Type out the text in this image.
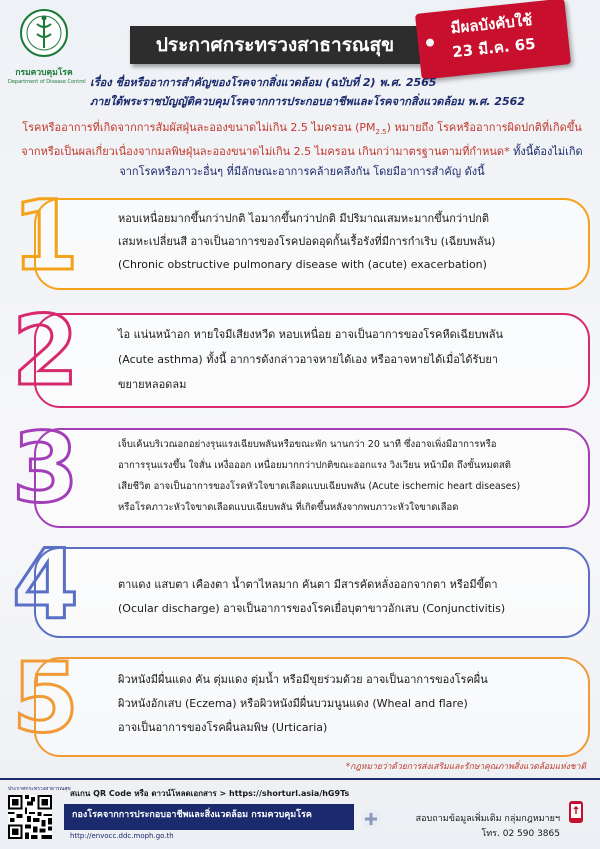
กรมควบคุมโรค
Department of Disease Control
ประกาศกระทรวงสาธารณสุข
มีผลบังคับใช้
23 มี.ค. 65
เรื่อง ชื่อหรืออาการสำคัญของโรคจากสิ่งแวดล้อม (ฉบับที่ 2) พ.ศ. 2565
ภายใต้พระราชบัญญัติควบคุมโรคจากการประกอบอาชีพและโรคจากสิ่งแวดล้อม พ.ศ. 2562
โรคหรืออาการที่เกิดจากการสัมผัสฝุ่นละอองขนาดไม่เกิน 2.5 ไมครอน $(PM_{2.5})$ หมายถึง โรคหรืออาการผิดปกติที่เกิดขึ้นจากหรือเป็นผลเกี่ยวเนื่องจากมลพิษฝุ่นละอองขนาดไม่เกิน 2.5 ไมครอน เกินกว่ามาตรฐานตามที่กำหนด* ทั้งนี้ต้องไม่เกิดจากโรคหรือภาวะอื่นๆ ที่มีลักษณะอาการคล้ายคลึงกัน โดยมีอาการสำคัญ ดังนี้
1	หอบเหนื่อยมากขึ้นกว่าปกติ ไอมากขึ้นกว่าปกติ มีปริมาณเสมหะมากขึ้นกว่าปกติ
เสมหะเปลี่ยนสี อาจเป็นอาการของโรคปอดอุดกั้นเรื้อรังที่มีการกำเริบ (เฉียบพลัน)
(Chronic obstructive pulmonary disease with (acute) exacerbation)
2	ไอ แน่นหน้าอก หายใจมีเสียงหวีด หอบเหนื่อย อาจเป็นอาการของโรคหืดเฉียบพลัน
(Acute asthma) ทั้งนี้ อาการดังกล่าวอาจหายได้เอง หรืออาจหายได้เมื่อได้รับยา
ขยายหลอดลม
3	เจ็บเค้นบริเวณอกอย่างรุนแรงเฉียบพลันหรือขณะพัก นานกว่า 20 นาที ซึ่งอาจเพิ่งมีอาการหรือ
อาการรุนแรงขึ้น ใจสั่น เหงื่อออก เหนื่อยมากกว่าปกติขณะออกแรง วิงเวียน หน้ามืด ถึงขั้นหมดสติ
เสียชีวิต อาจเป็นอาการของโรคหัวใจขาดเลือดแบบเฉียบพลัน (Acute ischemic heart diseases)
หรือโรคภาวะหัวใจขาดเลือดแบบเฉียบพลัน ที่เกิดขึ้นหลังจากพบภาวะหัวใจขาดเลือด
4	ตาแดง แสบตา เคืองตา น้ำตาไหลมาก คันตา มีสารคัดหลั่งออกจากตา หรือมีขี้ตา
(Ocular discharge) อาจเป็นอาการของโรคเยื่อบุตาขาวอักเสบ (Conjunctivitis)
5	ผิวหนังมีผื่นแดง คัน ตุ่มแดง ตุ่มน้ำ หรือมีขุยร่วมด้วย อาจเป็นอาการของโรคผื่น
ผิวหนังอักเสบ (Eczema) หรือผิวหนังมีผื่นบวมนูนแดง (Wheal and flare)
อาจเป็นอาการของโรคผื่นลมพิษ (Urticaria)
*กฎหมายว่าด้วยการส่งเสริมและรักษาคุณภาพสิ่งแวดล้อมแห่งชาติ
ประกาศกระทรวงสาธารณสุข สแกน QR Code หรือ ดาวน์โหลดเอกสาร > https://shorturl.asia/hG9Ts
กองโรคจากการประกอบอาชีพและสิ่งแวดล้อม กรมควบคุมโรค
http://envocc.ddc.moph.go.th
สอบถามข้อมูลเพิ่มเติม กลุ่มกฎหมายฯ
โทร. 02 590 3865
